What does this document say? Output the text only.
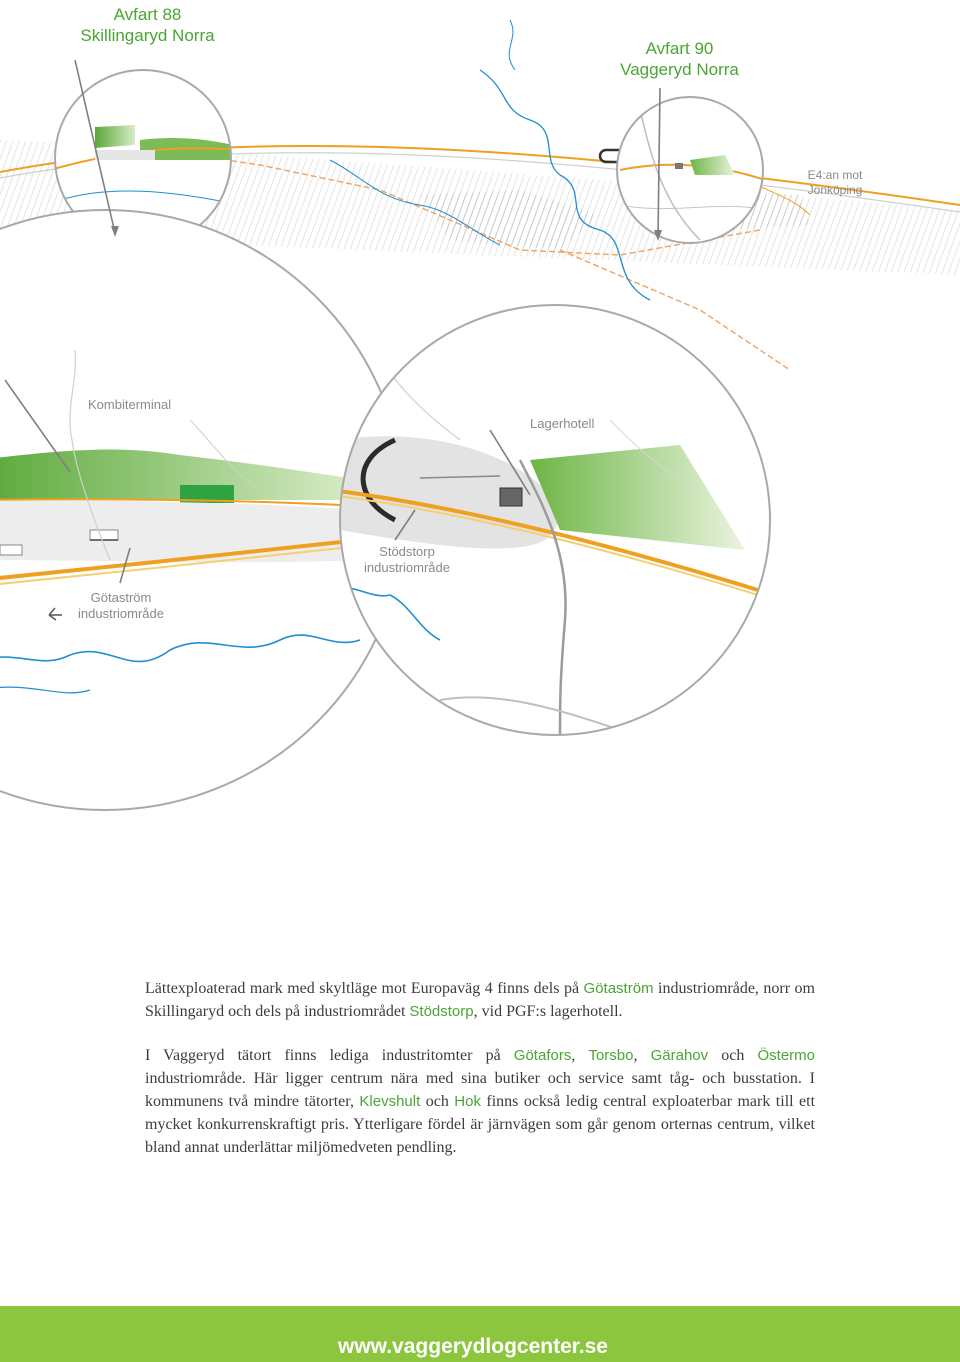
Avfart 88
Skillingaryd Norra

Avfart 90
Vaggeryd Norra

E4:an mot
Jönköping

Kombiterminal

Lagerhotell

Stödstorp
industriområde

Götaström
industriområde

Lättexploaterad mark med skyltläge mot Europaväg 4 finns dels på Götaström industriområde, norr om Skillingaryd och dels på industriområdet Stödstorp, vid PGF:s lagerhotell.

I Vaggeryd tätort finns lediga industritomter på Götafors, Torsbo, Gärahov och Östermo industriområde. Här ligger centrum nära med sina butiker och service samt tåg- och busstation. I kommunens två mindre tätorter, Klevshult och Hok finns också ledig central exploaterbar mark till ett mycket konkurrenskraftigt pris. Ytterligare fördel är järnvägen som går genom orternas centrum, vilket bland annat underlättar miljömedveten pendling.

www.vaggerydlogcenter.se
